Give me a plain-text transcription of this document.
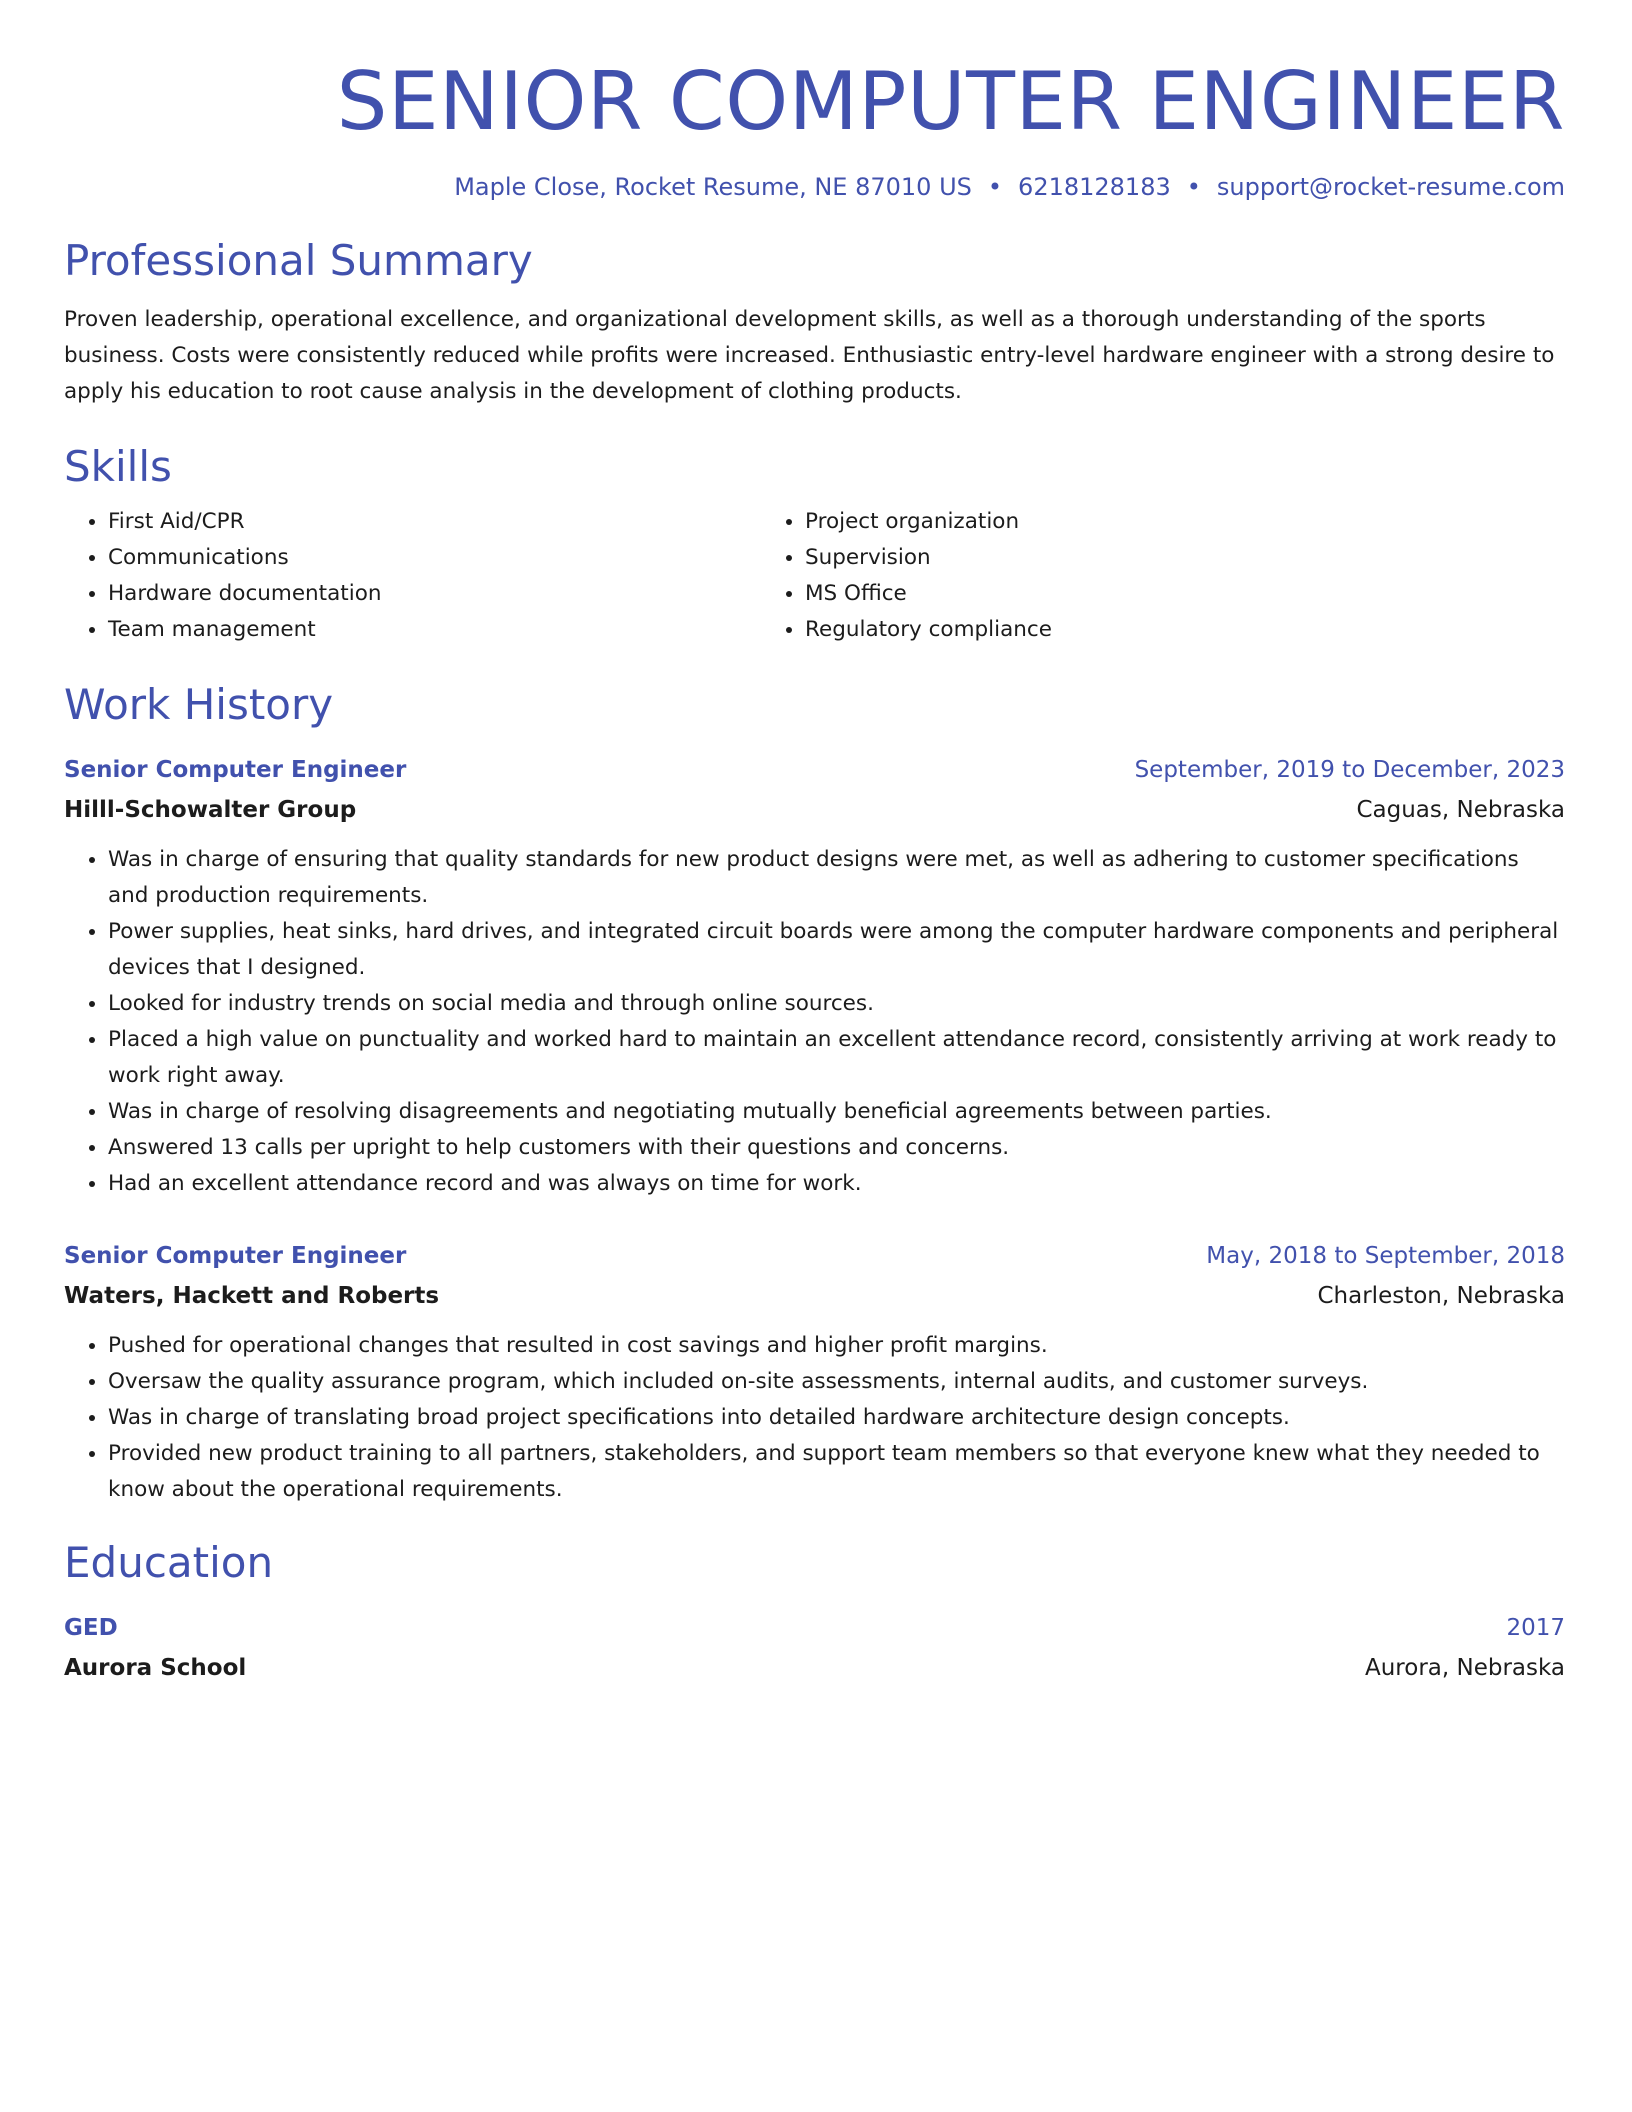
SENIOR COMPUTER ENGINEER
Maple Close, Rocket Resume, NE 87010 US • 6218128183 • support@rocket-resume.com
Professional Summary
Proven leadership, operational excellence, and organizational development skills, as well as a thorough understanding of the sports business. Costs were consistently reduced while profits were increased. Enthusiastic entry-level hardware engineer with a strong desire to apply his education to root cause analysis in the development of clothing products.
Skills
• First Aid/CPR
• Communications
• Hardware documentation
• Team management
• Project organization
• Supervision
• MS Office
• Regulatory compliance
Work History
Senior Computer Engineer	September, 2019 to December, 2023
Hilll-Schowalter Group	Caguas, Nebraska
• Was in charge of ensuring that quality standards for new product designs were met, as well as adhering to customer specifications and production requirements.
• Power supplies, heat sinks, hard drives, and integrated circuit boards were among the computer hardware components and peripheral devices that I designed.
• Looked for industry trends on social media and through online sources.
• Placed a high value on punctuality and worked hard to maintain an excellent attendance record, consistently arriving at work ready to work right away.
• Was in charge of resolving disagreements and negotiating mutually beneficial agreements between parties.
• Answered 13 calls per upright to help customers with their questions and concerns.
• Had an excellent attendance record and was always on time for work.
Senior Computer Engineer	May, 2018 to September, 2018
Waters, Hackett and Roberts	Charleston, Nebraska
• Pushed for operational changes that resulted in cost savings and higher profit margins.
• Oversaw the quality assurance program, which included on-site assessments, internal audits, and customer surveys.
• Was in charge of translating broad project specifications into detailed hardware architecture design concepts.
• Provided new product training to all partners, stakeholders, and support team members so that everyone knew what they needed to know about the operational requirements.
Education
GED	2017
Aurora School	Aurora, Nebraska
